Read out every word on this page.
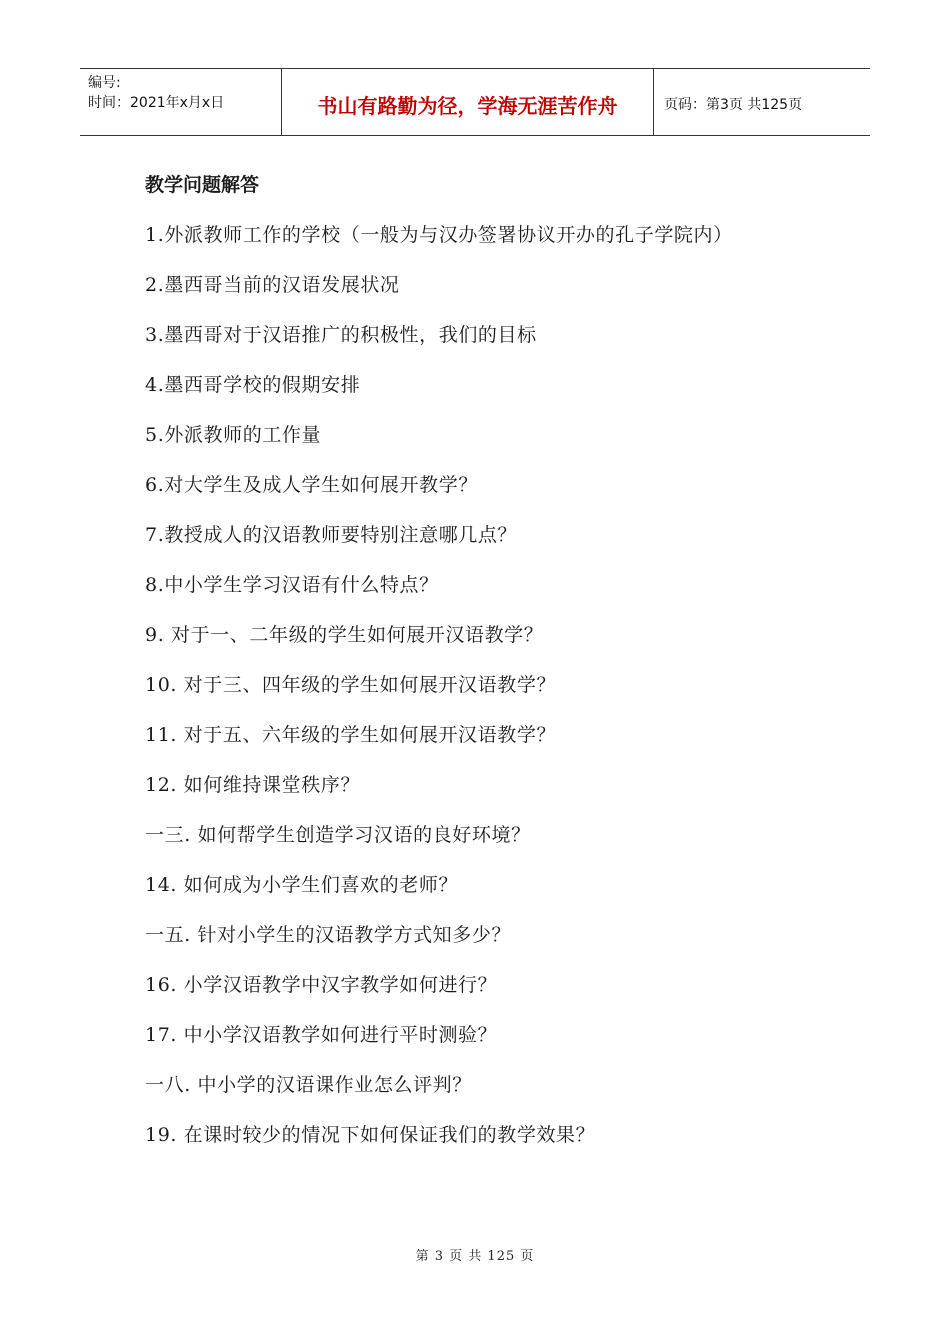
编号:
时间：2021年x月x日	书山有路勤为径，学海无涯苦作舟	页码：第3页 共125页

教学问题解答

1.外派教师工作的学校（一般为与汉办签署协议开办的孔子学院内）

2.墨西哥当前的汉语发展状况

3.墨西哥对于汉语推广的积极性，我们的目标

4.墨西哥学校的假期安排

5.外派教师的工作量

6.对大学生及成人学生如何展开教学？

7.教授成人的汉语教师要特别注意哪几点？

8.中小学生学习汉语有什么特点？

9. 对于一、二年级的学生如何展开汉语教学？

10. 对于三、四年级的学生如何展开汉语教学？

11. 对于五、六年级的学生如何展开汉语教学？

12. 如何维持课堂秩序？

一三. 如何帮学生创造学习汉语的良好环境？

14. 如何成为小学生们喜欢的老师？

一五. 针对小学生的汉语教学方式知多少？

16. 小学汉语教学中汉字教学如何进行？

17. 中小学汉语教学如何进行平时测验？

一八. 中小学的汉语课作业怎么评判？

19. 在课时较少的情况下如何保证我们的教学效果？

第 3 页 共 125 页
